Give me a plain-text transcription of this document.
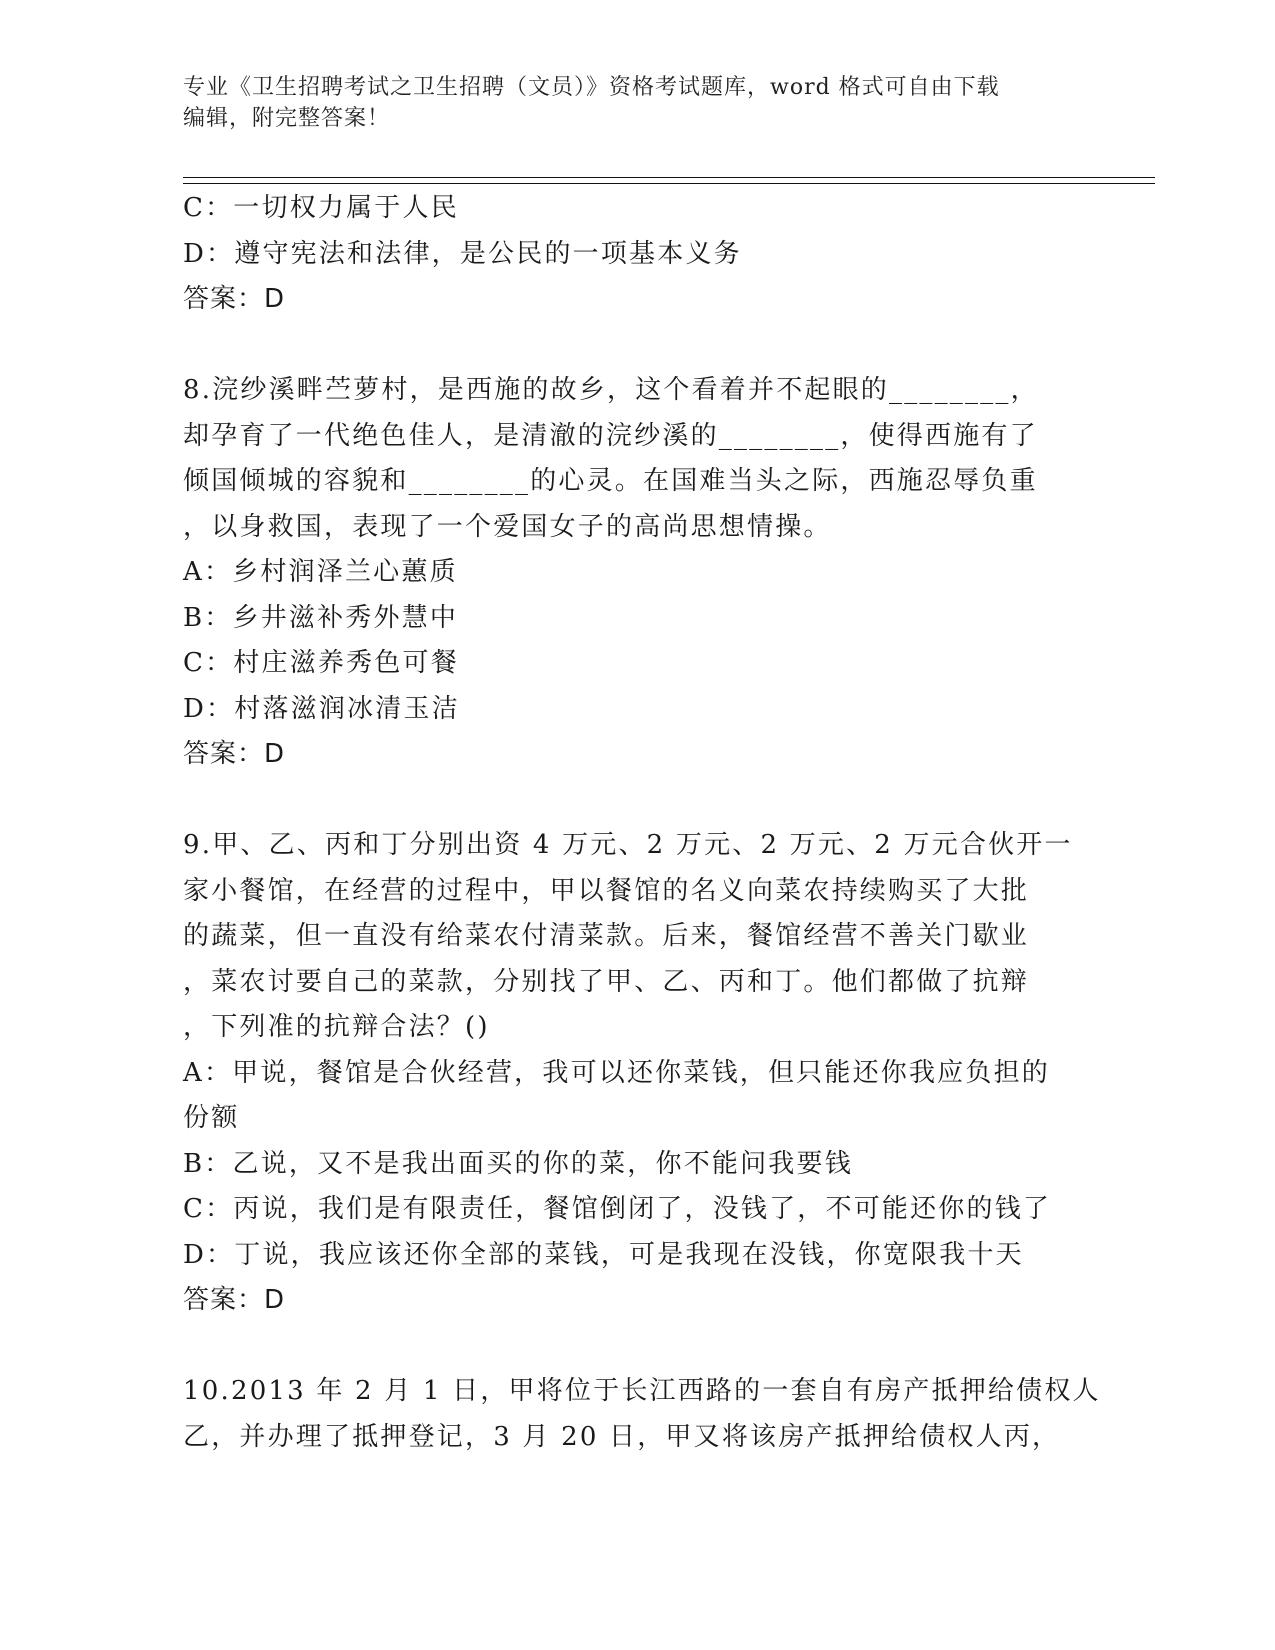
专业《卫生招聘考试之卫生招聘（文员）》资格考试题库，word 格式可自由下载
编辑，附完整答案！
C：一切权力属于人民
D：遵守宪法和法律，是公民的一项基本义务
答案：D
8.浣纱溪畔苎萝村，是西施的故乡，这个看着并不起眼的________，
却孕育了一代绝色佳人，是清澈的浣纱溪的________，使得西施有了
倾国倾城的容貌和________的心灵。在国难当头之际，西施忍辱负重
，以身救国，表现了一个爱国女子的高尚思想情操。
A：乡村润泽兰心蕙质
B：乡井滋补秀外慧中
C：村庄滋养秀色可餐
D：村落滋润冰清玉洁
答案：D
9.甲、乙、丙和丁分别出资 4 万元、2 万元、2 万元、2 万元合伙开一
家小餐馆，在经营的过程中，甲以餐馆的名义向菜农持续购买了大批
的蔬菜，但一直没有给菜农付清菜款。后来，餐馆经营不善关门歇业
，菜农讨要自己的菜款，分别找了甲、乙、丙和丁。他们都做了抗辩
，下列准的抗辩合法？()
A：甲说，餐馆是合伙经营，我可以还你菜钱，但只能还你我应负担的
份额
B：乙说，又不是我出面买的你的菜，你不能问我要钱
C：丙说，我们是有限责任，餐馆倒闭了，没钱了，不可能还你的钱了
D：丁说，我应该还你全部的菜钱，可是我现在没钱，你宽限我十天
答案：D
10.2013 年 2 月 1 日，甲将位于长江西路的一套自有房产抵押给债权人
乙，并办理了抵押登记，3 月 20 日，甲又将该房产抵押给债权人丙，
